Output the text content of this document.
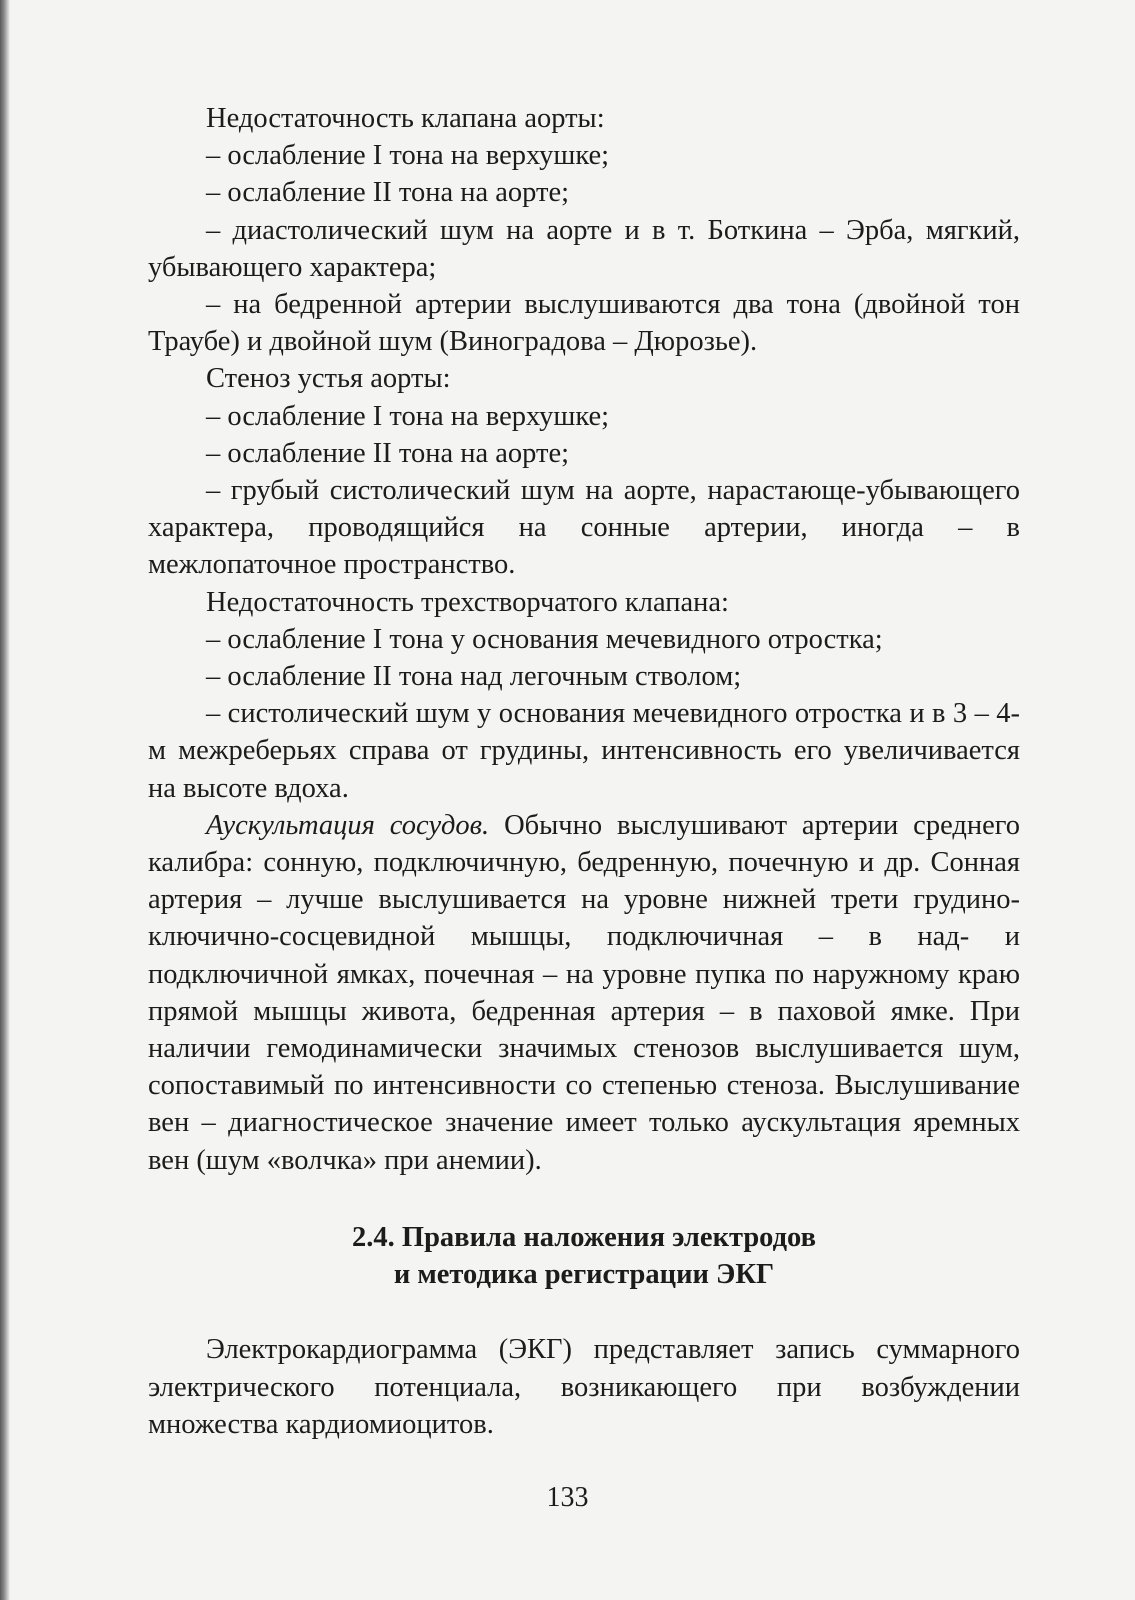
Недостаточность клапана аорты:

– ослабление I тона на верхушке;

– ослабление II тона на аорте;

– диастолический шум на аорте и в т. Боткина – Эрба, мягкий, убывающего характера;

– на бедренной артерии выслушиваются два тона (двойной тон Траубе) и двойной шум (Виноградова – Дюрозье).

Стеноз устья аорты:

– ослабление I тона на верхушке;

– ослабление II тона на аорте;

– грубый систолический шум на аорте, нарастающе-убывающего характера, проводящийся на сонные артерии, иногда – в межлопаточное пространство.

Недостаточность трехстворчатого клапана:

– ослабление I тона у основания мечевидного отростка;

– ослабление II тона над легочным стволом;

– систолический шум у основания мечевидного отростка и в 3 – 4-м межреберьях справа от грудины, интенсивность его увеличивается на высоте вдоха.

Аускультация сосудов. Обычно выслушивают артерии среднего калибра: сонную, подключичную, бедренную, почечную и др. Сонная артерия – лучше выслушивается на уровне нижней трети грудино-ключично-сосцевидной мышцы, подключичная – в над- и подключичной ямках, почечная – на уровне пупка по наружному краю прямой мышцы живота, бедренная артерия – в паховой ямке. При наличии гемодинамически значимых стенозов выслушивается шум, сопоставимый по интенсивности со степенью стеноза. Выслушивание вен – диагностическое значение имеет только аускультация яремных вен (шум «волчка» при анемии).

2.4. Правила наложения электродов
и методика регистрации ЭКГ

Электрокардиограмма (ЭКГ) представляет запись суммарного электрического потенциала, возникающего при возбуждении множества кардиомиоцитов.

133
